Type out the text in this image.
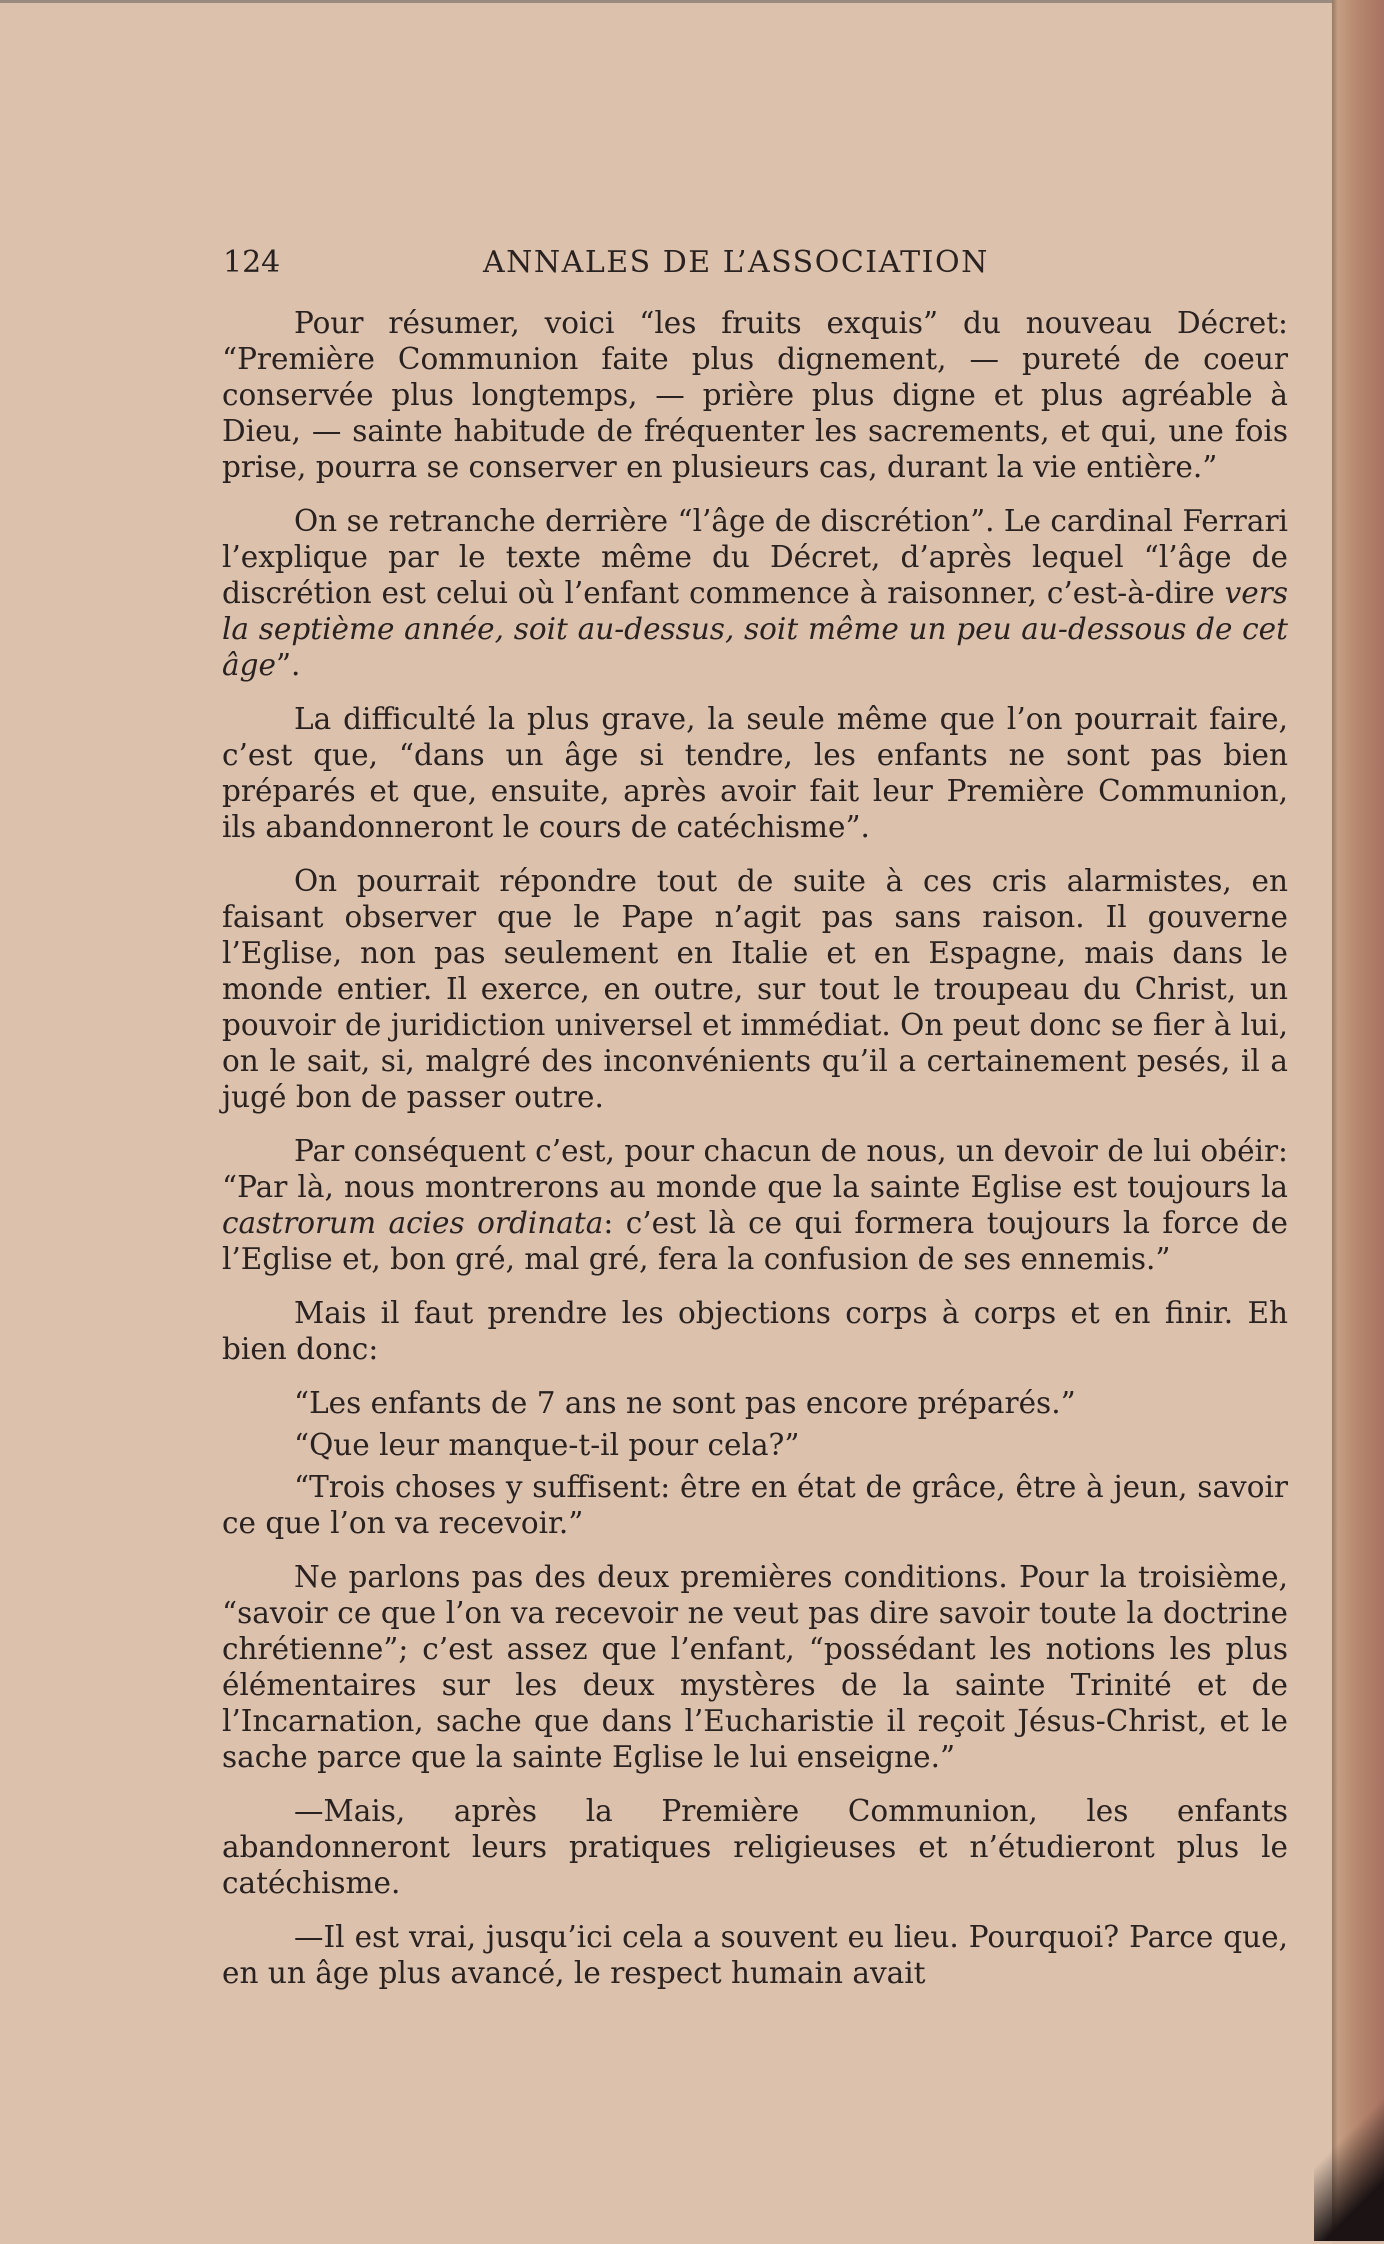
124	ANNALES DE L’ASSOCIATION

Pour résumer, voici “les fruits exquis” du nouveau Décret: “Première Communion faite plus dignement, — pureté de coeur conservée plus longtemps, — prière plus digne et plus agréable à Dieu, — sainte habitude de fréquenter les sacrements, et qui, une fois prise, pourra se conserver en plusieurs cas, durant la vie entière.”

On se retranche derrière “l’âge de discrétion”. Le cardinal Ferrari l’explique par le texte même du Décret, d’après lequel “l’âge de discrétion est celui où l’enfant commence à raisonner, c’est-à-dire vers la septième année, soit au-dessus, soit même un peu au-dessous de cet âge”.

La difficulté la plus grave, la seule même que l’on pourrait faire, c’est que, “dans un âge si tendre, les enfants ne sont pas bien préparés et que, ensuite, après avoir fait leur Première Communion, ils abandonneront le cours de catéchisme”.

On pourrait répondre tout de suite à ces cris alarmistes, en faisant observer que le Pape n’agit pas sans raison. Il gouverne l’Eglise, non pas seulement en Italie et en Espagne, mais dans le monde entier. Il exerce, en outre, sur tout le troupeau du Christ, un pouvoir de juridiction universel et immédiat. On peut donc se fier à lui, on le sait, si, malgré des inconvénients qu’il a certainement pesés, il a jugé bon de passer outre.

Par conséquent c’est, pour chacun de nous, un devoir de lui obéir: “Par là, nous montrerons au monde que la sainte Eglise est toujours la castrorum acies ordinata: c’est là ce qui formera toujours la force de l’Eglise et, bon gré, mal gré, fera la confusion de ses ennemis.”

Mais il faut prendre les objections corps à corps et en finir. Eh bien donc:

“Les enfants de 7 ans ne sont pas encore préparés.”

“Que leur manque-t-il pour cela?”

“Trois choses y suffisent: être en état de grâce, être à jeun, savoir ce que l’on va recevoir.”

Ne parlons pas des deux premières conditions. Pour la troisième, “savoir ce que l’on va recevoir ne veut pas dire savoir toute la doctrine chrétienne”; c’est assez que l’enfant, “possédant les notions les plus élémentaires sur les deux mystères de la sainte Trinité et de l’Incarnation, sache que dans l’Eucharistie il reçoit Jésus-Christ, et le sache parce que la sainte Eglise le lui enseigne.”

—Mais, après la Première Communion, les enfants abandonneront leurs pratiques religieuses et n’étudieront plus le catéchisme.

—Il est vrai, jusqu’ici cela a souvent eu lieu. Pourquoi? Parce que, en un âge plus avancé, le respect humain avait
